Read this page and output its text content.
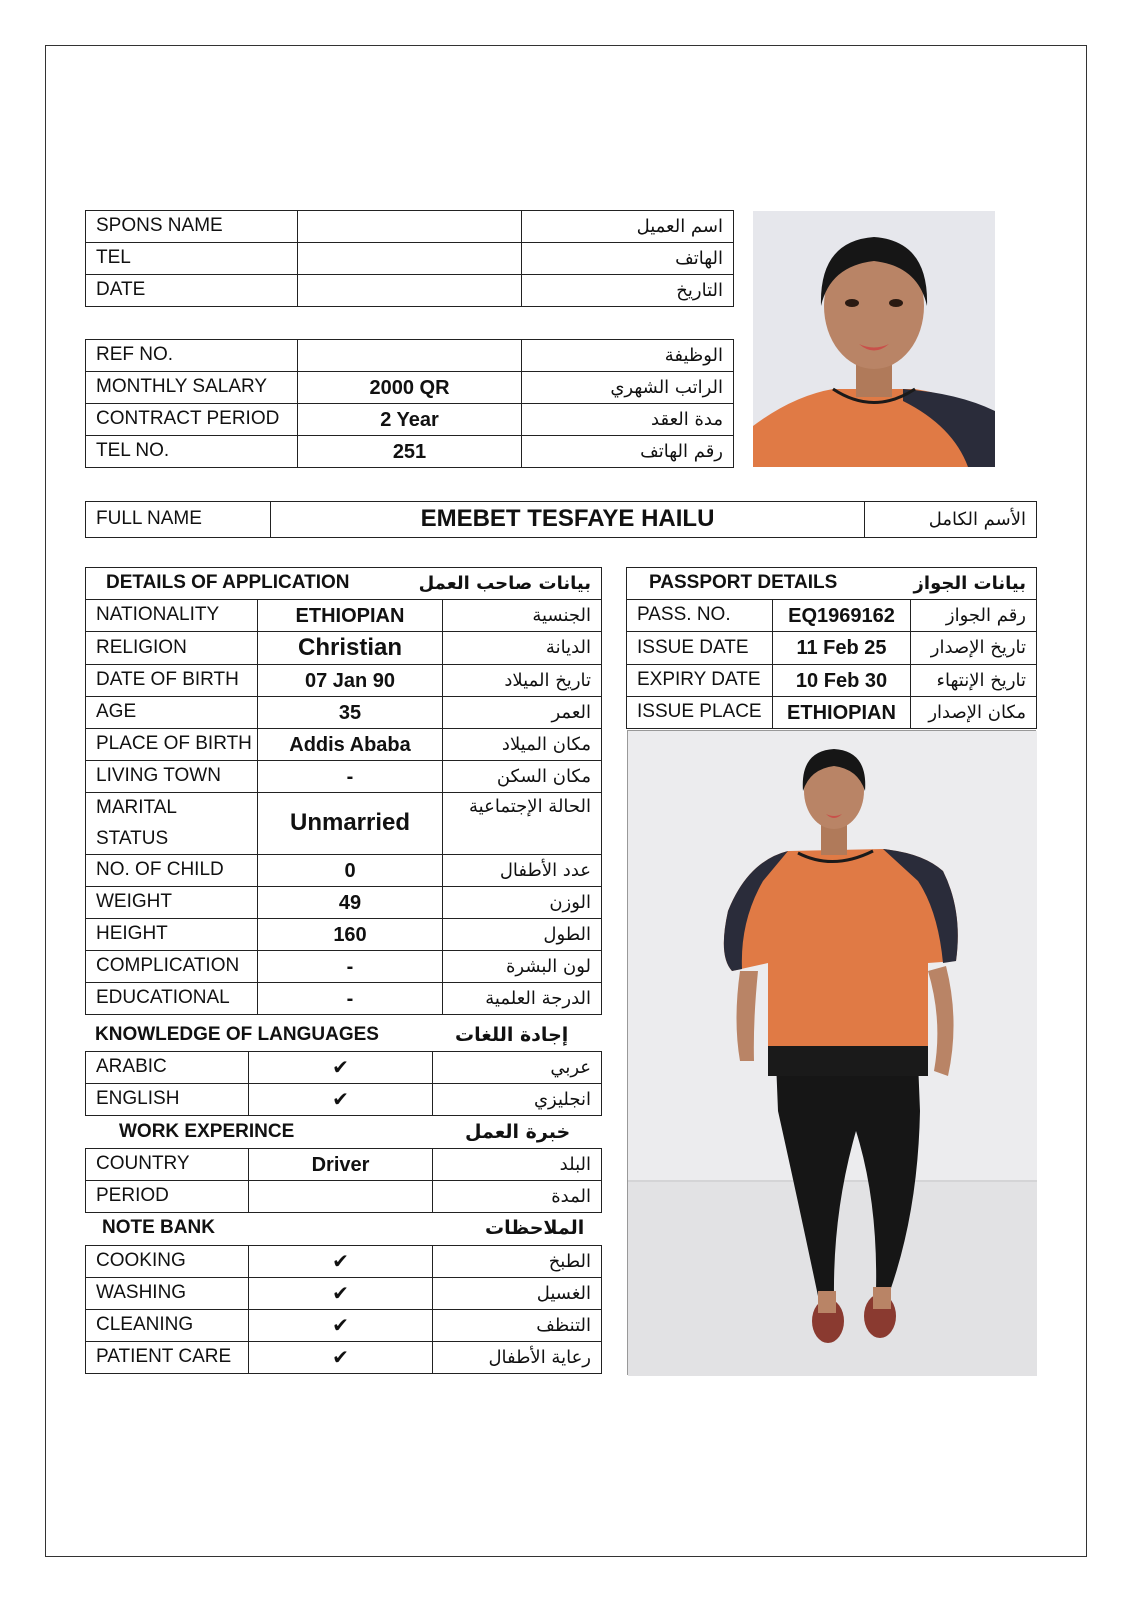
SPONS NAME		اسم العميل
TEL		الهاتف
DATE		التاريخ
REF NO.		الوظيفة
MONTHLY SALARY	2000 QR	الراتب الشهري
CONTRACT PERIOD	2 Year	مدة العقد
TEL NO.	251	رقم الهاتف
FULL NAME	EMEBET TESFAYE HAILU	الأسم الكامل
DETAILS OF APPLICATION		بيانات صاحب العمل
NATIONALITY	ETHIOPIAN	الجنسية
RELIGION	Christian	الديانة
DATE OF BIRTH	07 Jan 90	تاريخ الميلاد
AGE	35	العمر
PLACE OF BIRTH	Addis Ababa	مكان الميلاد
LIVING TOWN	-	مكان السكن

MARITAL STATUS	Unmarried	الحالة الإجتماعية
NO. OF CHILD	0	عدد الأطفال
WEIGHT	49	الوزن
HEIGHT	160	الطول
COMPLICATION	-	لون البشرة
EDUCATIONAL	-	الدرجة العلمية
KNOWLEDGE OF LANGUAGES	إجادة اللغات
ARABIC	✔	عربي
ENGLISH	✔	انجليزي
WORK EXPERINCE	خبرة العمل
COUNTRY	Driver	البلد
PERIOD		المدة
NOTE BANK	الملاحظات
COOKING	✔	الطبخ
WASHING	✔	الغسيل
CLEANING	✔	التنظف
PATIENT CARE	✔	رعاية الأطفال
PASSPORT DETAILS		بيانات الجواز
PASS. NO.	EQ1969162	رقم الجواز
ISSUE DATE	11 Feb 25	تاريخ الإصدار
EXPIRY DATE	10 Feb 30	تاريخ الإنتهاء
ISSUE PLACE	ETHIOPIAN	مكان الإصدار
